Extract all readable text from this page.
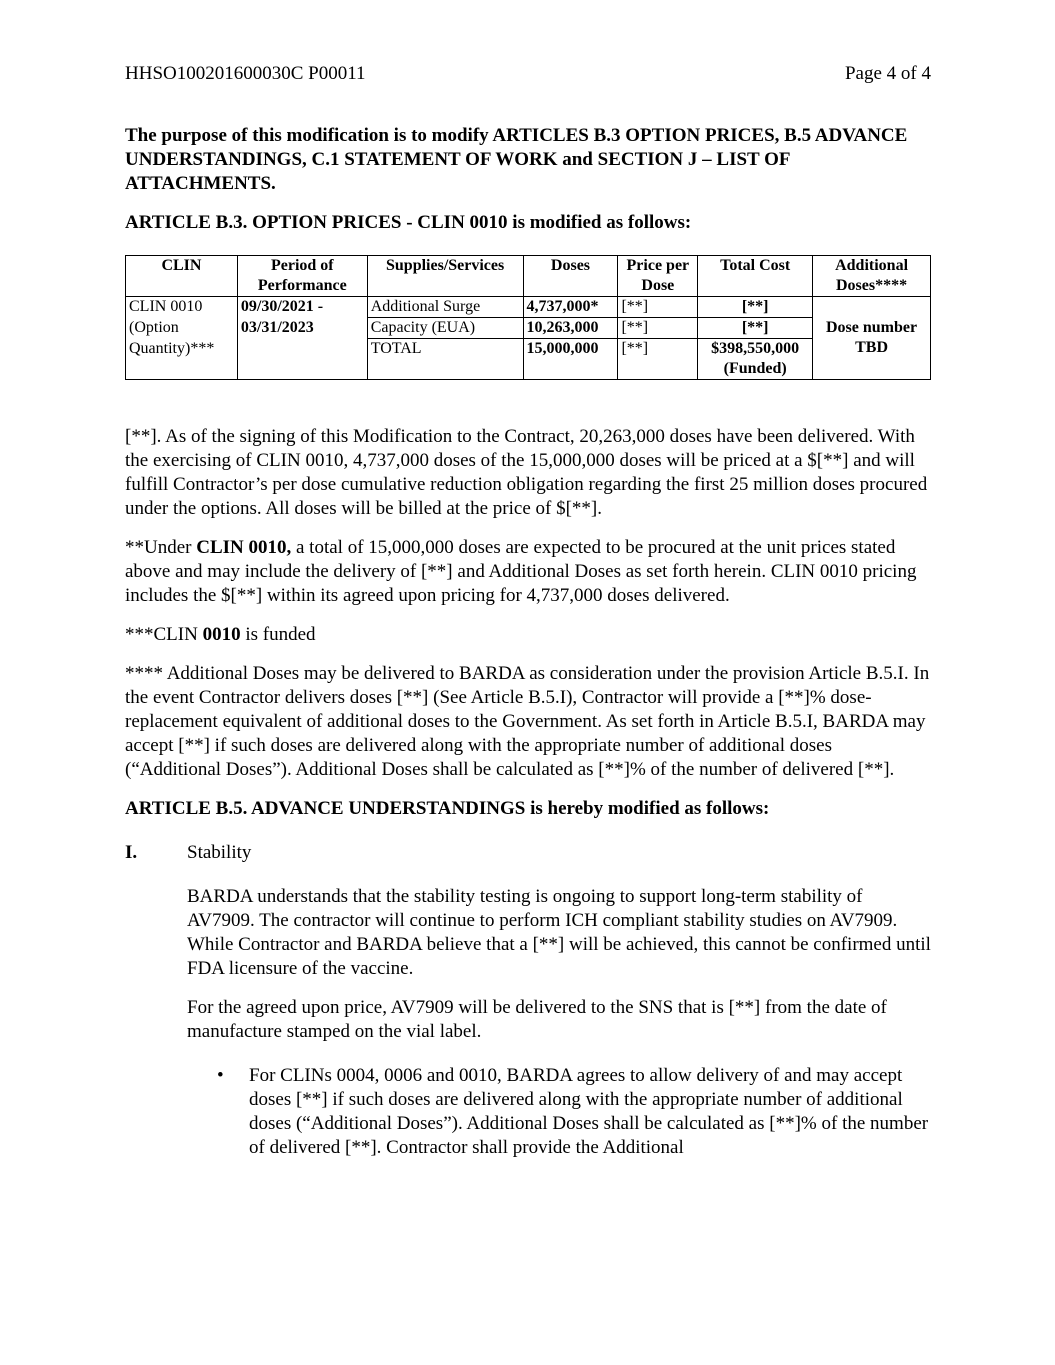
HHSO100201600030C P00011	Page 4 of 4

The purpose of this modification is to modify ARTICLES B.3 OPTION PRICES, B.5 ADVANCE UNDERSTANDINGS, C.1 STATEMENT OF WORK and SECTION J – LIST OF ATTACHMENTS.

ARTICLE B.3. OPTION PRICES - CLIN 0010 is modified as follows:

CLIN	Period of Performance	Supplies/Services	Doses	Price per Dose	Total Cost	Additional Doses****
CLIN 0010	09/30/2021 -	Additional Surge	4,737,000*	[**]	[**]	Dose number TBD
(Option	03/31/2023	Capacity (EUA)	10,263,000	[**]	[**]	
Quantity)***		TOTAL	15,000,000	[**]	$398,550,000 (Funded)	

[**]. As of the signing of this Modification to the Contract, 20,263,000 doses have been delivered. With the exercising of CLIN 0010, 4,737,000 doses of the 15,000,000 doses will be priced at a $[**] and will fulfill Contractor’s per dose cumulative reduction obligation regarding the first 25 million doses procured under the options. All doses will be billed at the price of $[**].

**Under CLIN 0010, a total of 15,000,000 doses are expected to be procured at the unit prices stated above and may include the delivery of [**] and Additional Doses as set forth herein. CLIN 0010 pricing includes the $[**] within its agreed upon pricing for 4,737,000 doses delivered.

***CLIN 0010 is funded

**** Additional Doses may be delivered to BARDA as consideration under the provision Article B.5.I. In the event Contractor delivers doses [**] (See Article B.5.I), Contractor will provide a [**]% dose-replacement equivalent of additional doses to the Government. As set forth in Article B.5.I, BARDA may accept [**] if such doses are delivered along with the appropriate number of additional doses (“Additional Doses”). Additional Doses shall be calculated as [**]% of the number of delivered [**].

ARTICLE B.5. ADVANCE UNDERSTANDINGS is hereby modified as follows:

I.	Stability

BARDA understands that the stability testing is ongoing to support long-term stability of AV7909. The contractor will continue to perform ICH compliant stability studies on AV7909. While Contractor and BARDA believe that a [**] will be achieved, this cannot be confirmed until FDA licensure of the vaccine.

For the agreed upon price, AV7909 will be delivered to the SNS that is [**] from the date of manufacture stamped on the vial label.

•	For CLINs 0004, 0006 and 0010, BARDA agrees to allow delivery of and may accept doses [**] if such doses are delivered along with the appropriate number of additional doses (“Additional Doses”). Additional Doses shall be calculated as [**]% of the number of delivered [**]. Contractor shall provide the Additional
